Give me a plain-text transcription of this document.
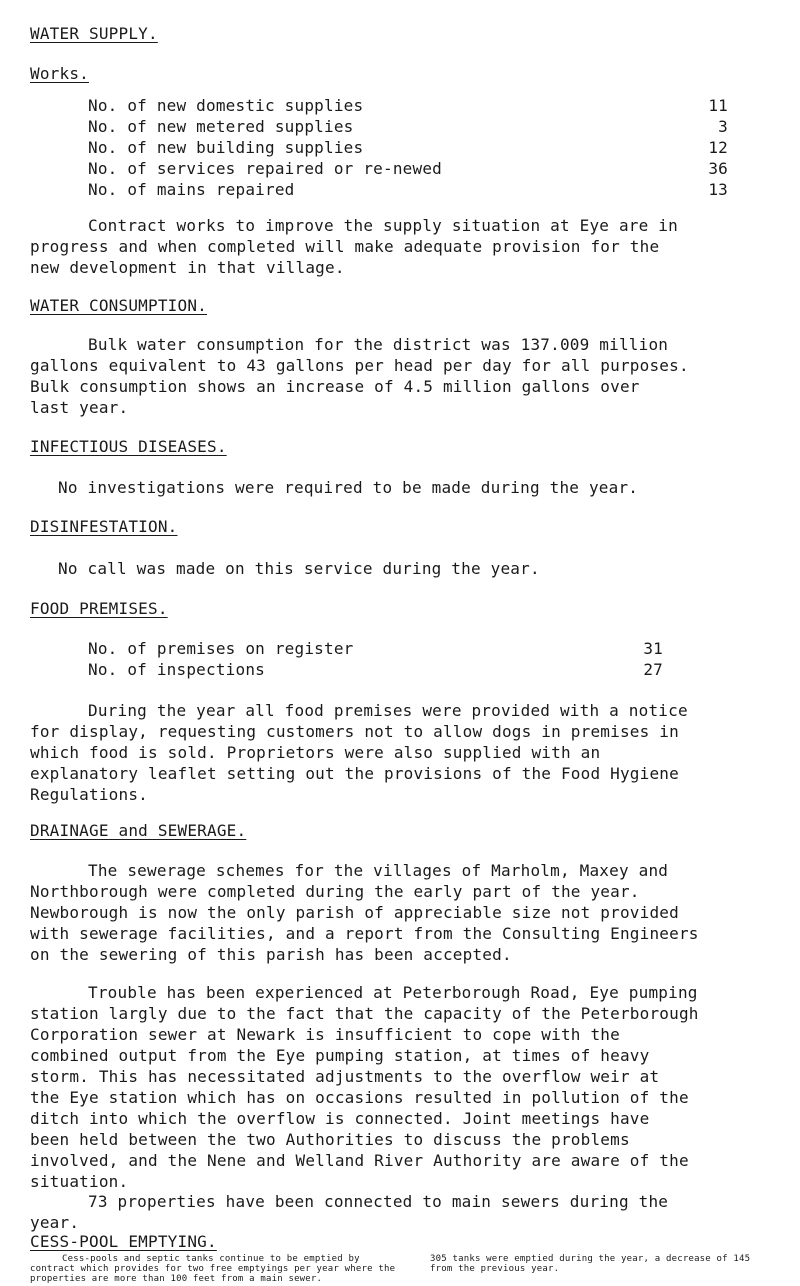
WATER SUPPLY.
Works.
No. of new domestic supplies	11
No. of new metered supplies	3
No. of new building supplies	12
No. of services repaired or re-newed	36
No. of mains repaired	13
Contract works to improve the supply situation at Eye are in
progress and when completed will make adequate provision for the
new development in that village.
WATER CONSUMPTION.
Bulk water consumption for the district was 137.009 million
gallons equivalent to 43 gallons per head per day for all purposes.
Bulk consumption shows an increase of 4.5 million gallons over
last year.
INFECTIOUS DISEASES.
No investigations were required to be made during the year.
DISINFESTATION.
No call was made on this service during the year.
FOOD PREMISES.
No. of premises on register	31
No. of inspections	27
During the year all food premises were provided with a notice
for display, requesting customers not to allow dogs in premises in
which food is sold. Proprietors were also supplied with an
explanatory leaflet setting out the provisions of the Food Hygiene
Regulations.
DRAINAGE and SEWERAGE.
The sewerage schemes for the villages of Marholm, Maxey and
Northborough were completed during the early part of the year.
Newborough is now the only parish of appreciable size not provided
with sewerage facilities, and a report from the Consulting Engineers
on the sewering of this parish has been accepted.
Trouble has been experienced at Peterborough Road, Eye pumping
station largly due to the fact that the capacity of the Peterborough
Corporation sewer at Newark is insufficient to cope with the
combined output from the Eye pumping station, at times of heavy
storm. This has necessitated adjustments to the overflow weir at
the Eye station which has on occasions resulted in pollution of the
ditch into which the overflow is connected. Joint meetings have
been held between the two Authorities to discuss the problems
involved, and the Nene and Welland River Authority are aware of the
situation.
73 properties have been connected to main sewers during the
year.
CESS-POOL EMPTYING.
Cess-pools and septic tanks continue to be emptied by
contract which provides for two free emptyings per year where the
properties are more than 100 feet from a main sewer.
305 tanks were emptied during the year, a decrease of 145
from the previous year.
